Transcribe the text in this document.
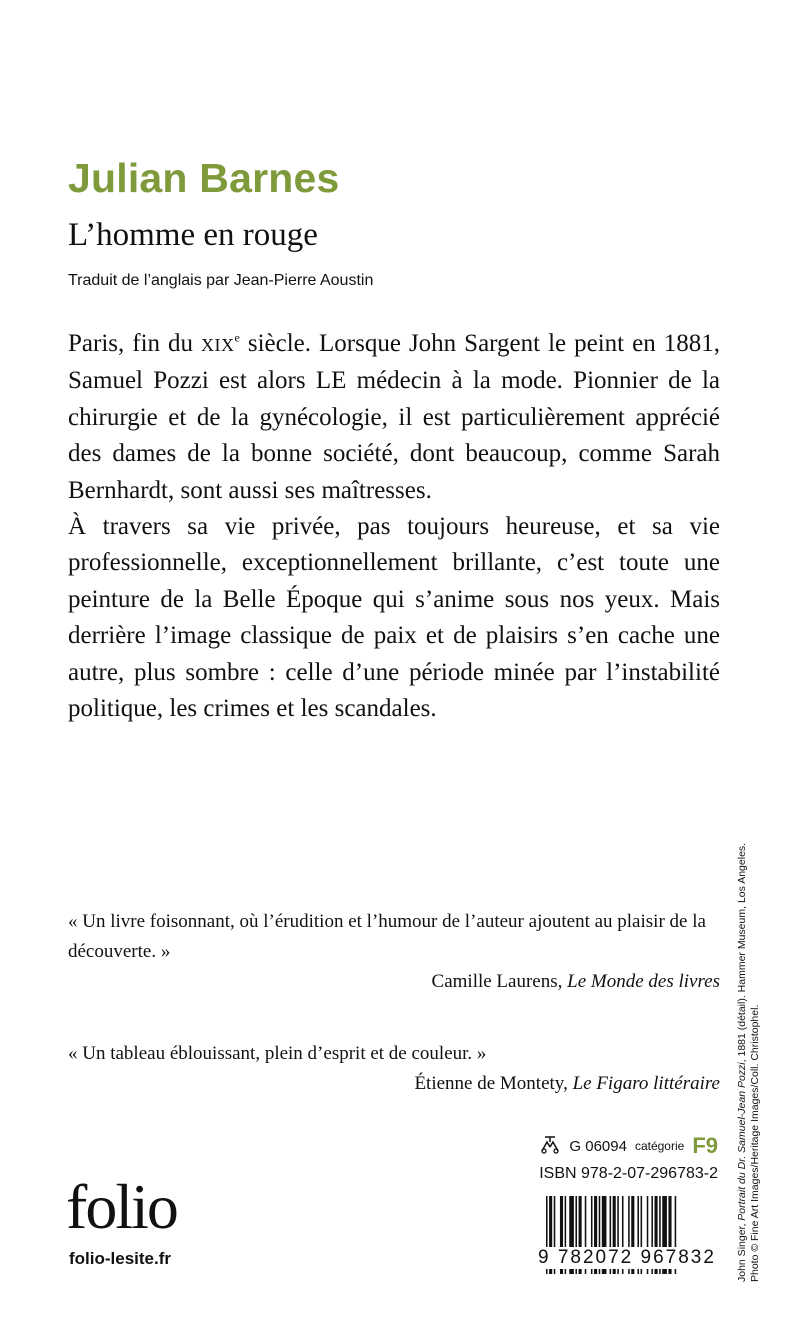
Julian Barnes
L’homme en rouge
Traduit de l’anglais par Jean-Pierre Aoustin

Paris, fin du XIXe siècle. Lorsque John Sargent le peint en 1881, Samuel Pozzi est alors LE médecin à la mode. Pionnier de la chirurgie et de la gynécologie, il est particulièrement apprécié des dames de la bonne société, dont beaucoup, comme Sarah Bernhardt, sont aussi ses maîtresses.

À travers sa vie privée, pas toujours heureuse, et sa vie professionnelle, exceptionnellement brillante, c’est toute une peinture de la Belle Époque qui s’anime sous nos yeux. Mais derrière l’image classique de paix et de plaisirs s’en cache une autre, plus sombre : celle d’une période minée par l’instabilité politique, les crimes et les scandales.

« Un livre foisonnant, où l’érudition et l’humour de l’auteur ajoutent au plaisir de la découverte. »

Camille Laurens, Le Monde des livres

« Un tableau éblouissant, plein d’esprit et de couleur. »

Étienne de Montety, Le Figaro littéraire

G 06094 catégorie F9
ISBN 978-2-07-296783-2
folio
folio-lesite.fr	9 782072 967832 John Singer, Portrait du Dr. Samuel-Jean Pozzi, 1881 (détail). Hammer Museum, Los Angeles.

Photo © Fine Art Images/Heritage Images/Coll. Christophel.
